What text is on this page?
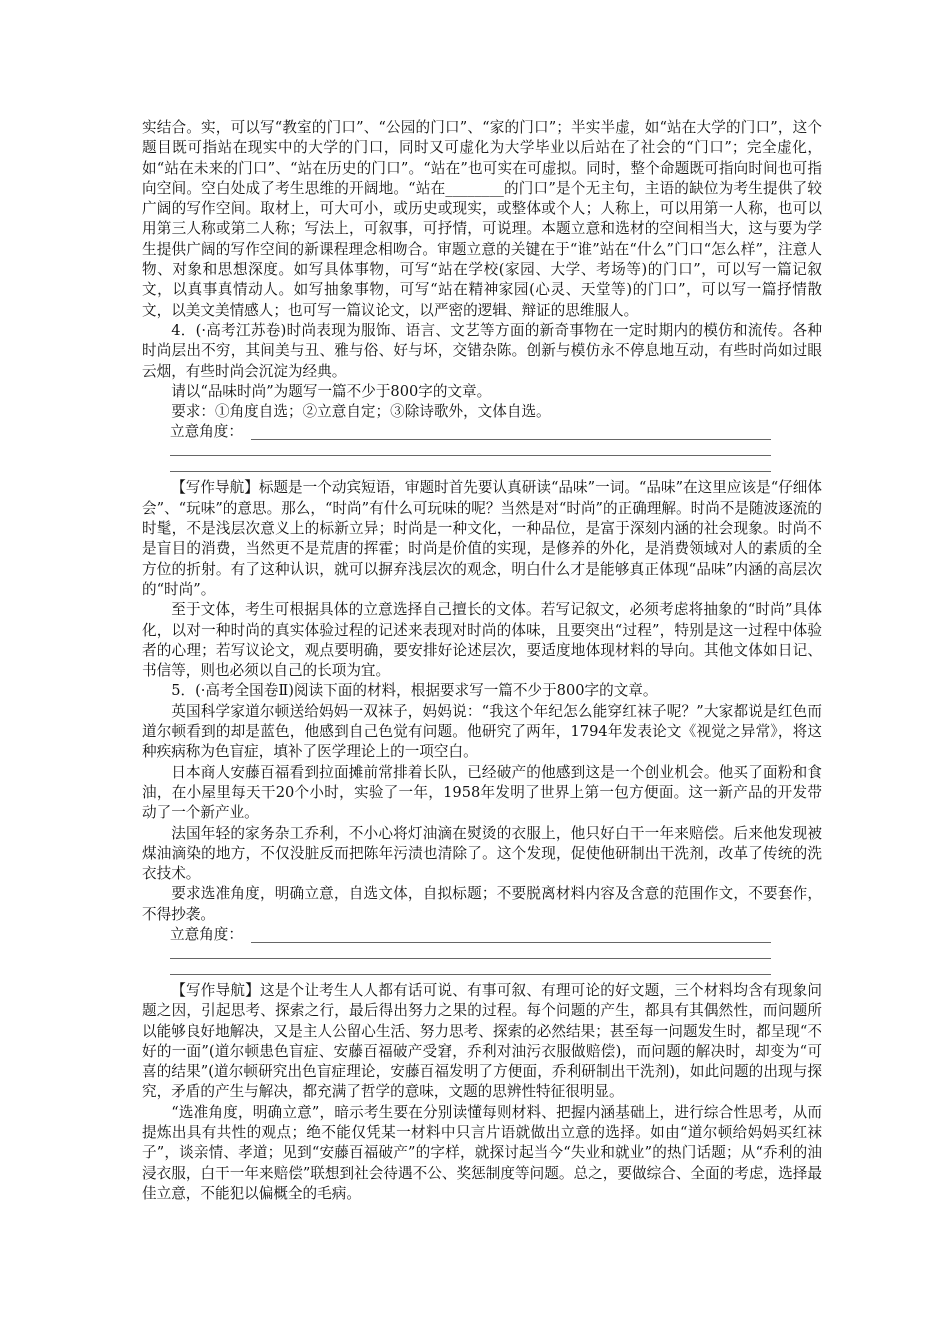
实结合。实，可以写“教室的门口”、“公园的门口”、“家的门口”；半实半虚，如“站在大学的门口”，这个题目既可指站在现实中的大学的门口，同时又可虚化为大学毕业以后站在了社会的“门口”；完全虚化，如“站在未来的门口”、“站在历史的门口”。“站在”也可实在可虚拟。同时，整个命题既可指向时间也可指向空间。空白处成了考生思维的开阔地。“站在________的门口”是个无主句，主语的缺位为考生提供了较广阔的写作空间。取材上，可大可小，或历史或现实，或整体或个人；人称上，可以用第一人称，也可以用第三人称或第二人称；写法上，可叙事，可抒情，可说理。本题立意和选材的空间相当大，这与要为学生提供广阔的写作空间的新课程理念相吻合。审题立意的关键在于“谁”站在“什么”门口“怎么样”，注意人物、对象和思想深度。如写具体事物，可写“站在学校(家园、大学、考场等)的门口”，可以写一篇记叙文，以真事真情动人。如写抽象事物，可写“站在精神家园(心灵、天堂等)的门口”，可以写一篇抒情散文，以美文美情感人；也可写一篇议论文，以严密的逻辑、辩证的思维服人。

4．(·高考江苏卷)时尚表现为服饰、语言、文艺等方面的新奇事物在一定时期内的模仿和流传。各种时尚层出不穷，其间美与丑、雅与俗、好与坏，交错杂陈。创新与模仿永不停息地互动，有些时尚如过眼云烟，有些时尚会沉淀为经典。

请以“品味时尚”为题写一篇不少于800字的文章。

要求：①角度自选；②立意自定；③除诗歌外，文体自选。

立意角度：

【写作导航】标题是一个动宾短语，审题时首先要认真研读“品味”一词。“品味”在这里应该是“仔细体会”、“玩味”的意思。那么，“时尚”有什么可玩味的呢？当然是对“时尚”的正确理解。时尚不是随波逐流的时髦，不是浅层次意义上的标新立异；时尚是一种文化，一种品位，是富于深刻内涵的社会现象。时尚不是盲目的消费，当然更不是荒唐的挥霍；时尚是价值的实现，是修养的外化，是消费领域对人的素质的全方位的折射。有了这种认识，就可以摒弃浅层次的观念，明白什么才是能够真正体现“品味”内涵的高层次的“时尚”。

至于文体，考生可根据具体的立意选择自己擅长的文体。若写记叙文，必须考虑将抽象的“时尚”具体化，以对一种时尚的真实体验过程的记述来表现对时尚的体味，且要突出“过程”，特别是这一过程中体验者的心理；若写议论文，观点要明确，要安排好论述层次，要适度地体现材料的导向。其他文体如日记、书信等，则也必须以自己的长项为宜。

5．(·高考全国卷Ⅱ)阅读下面的材料，根据要求写一篇不少于800字的文章。

英国科学家道尔顿送给妈妈一双袜子，妈妈说：“我这个年纪怎么能穿红袜子呢？”大家都说是红色而道尔顿看到的却是蓝色，他感到自己色觉有问题。他研究了两年，1794年发表论文《视觉之异常》，将这种疾病称为色盲症，填补了医学理论上的一项空白。

日本商人安藤百福看到拉面摊前常排着长队，已经破产的他感到这是一个创业机会。他买了面粉和食油，在小屋里每天干20个小时，实验了一年，1958年发明了世界上第一包方便面。这一新产品的开发带动了一个新产业。

法国年轻的家务杂工乔利，不小心将灯油滴在熨烫的衣服上，他只好白干一年来赔偿。后来他发现被煤油滴染的地方，不仅没脏反而把陈年污渍也清除了。这个发现，促使他研制出干洗剂，改革了传统的洗衣技术。

要求选准角度，明确立意，自选文体，自拟标题；不要脱离材料内容及含意的范围作文，不要套作，不得抄袭。

立意角度：

【写作导航】这是个让考生人人都有话可说、有事可叙、有理可论的好文题，三个材料均含有现象问题之因，引起思考、探索之行，最后得出努力之果的过程。每个问题的产生，都具有其偶然性，而问题所以能够良好地解决，又是主人公留心生活、努力思考、探索的必然结果；甚至每一问题发生时，都呈现“不好的一面”(道尔顿患色盲症、安藤百福破产受窘，乔利对油污衣服做赔偿)，而问题的解决时，却变为“可喜的结果”(道尔顿研究出色盲症理论，安藤百福发明了方便面，乔利研制出干洗剂)，如此问题的出现与探究，矛盾的产生与解决，都充满了哲学的意味，文题的思辨性特征很明显。

“选准角度，明确立意”，暗示考生要在分别读懂每则材料、把握内涵基础上，进行综合性思考，从而提炼出具有共性的观点；绝不能仅凭某一材料中只言片语就做出立意的选择。如由“道尔顿给妈妈买红袜子”，谈亲情、孝道；见到“安藤百福破产”的字样，就探讨起当今“失业和就业”的热门话题；从“乔利的油浸衣服，白干一年来赔偿”联想到社会待遇不公、奖惩制度等问题。总之，要做综合、全面的考虑，选择最佳立意，不能犯以偏概全的毛病。
